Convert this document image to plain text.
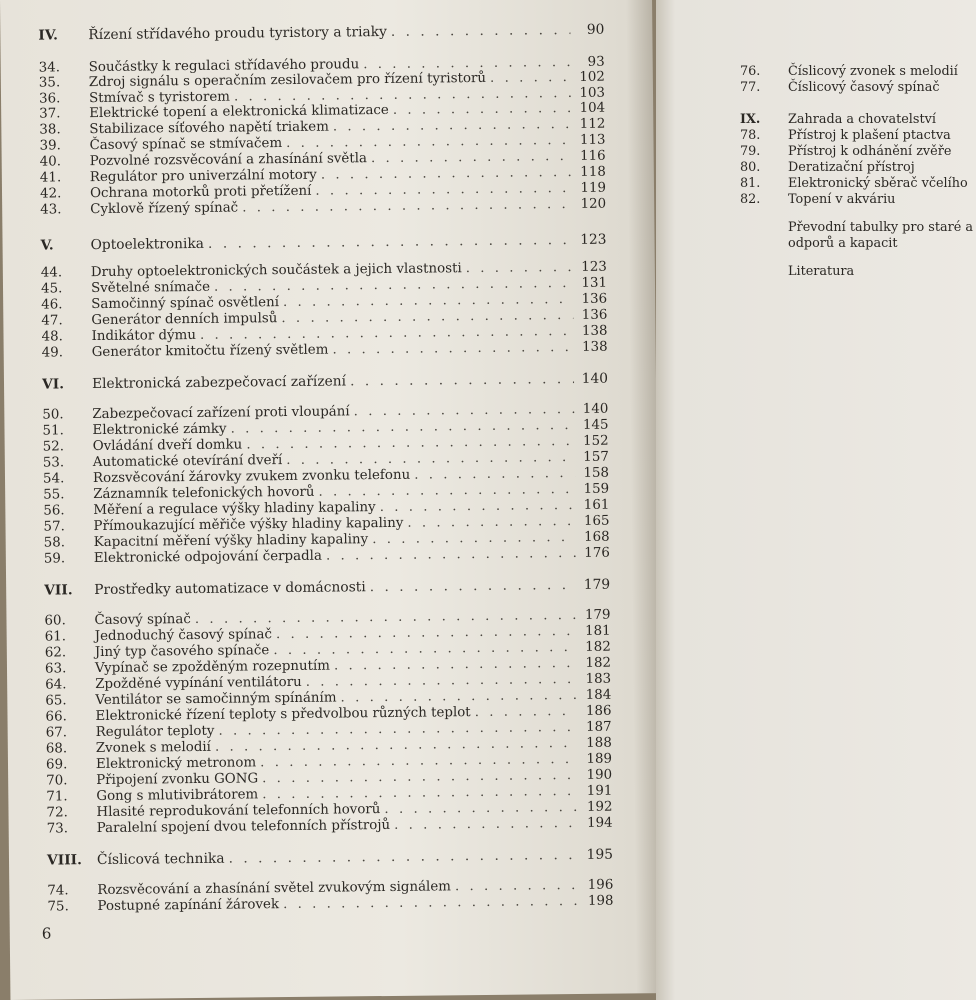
IV.	Řízení střídavého proudu tyristory a triaky . . .	90
34.	Součástky k regulaci střídavého proudu . . .	93
35.	Zdroj signálu s operačním zesilovačem pro řízení tyristorů . . .	102
36.	Stmívač s tyristorem . . .	103
37.	Elektrické topení a elektronická klimatizace . . .	104
38.	Stabilizace síťového napětí triakem . . .	112
39.	Časový spínač se stmívačem . . .	113
40.	Pozvolné rozsvěcování a zhasínání světla . . .	116
41.	Regulátor pro univerzální motory . . .	118
42.	Ochrana motorků proti přetížení . . .	119
43.	Cyklově řízený spínač . . .	120
V.	Optoelektronika . . .	123
44.	Druhy optoelektronických součástek a jejich vlastnosti . . .	123
45.	Světelné snímače . . .	131
46.	Samočinný spínač osvětlení . . .	136
47.	Generátor denních impulsů . . .	136
48.	Indikátor dýmu . . .	138
49.	Generátor kmitočtu řízený světlem . . .	138
VI.	Elektronická zabezpečovací zařízení . . .	140
50.	Zabezpečovací zařízení proti vloupání . . .	140
51.	Elektronické zámky . . .	145
52.	Ovládání dveří domku . . .	152
53.	Automatické otevírání dveří . . .	157
54.	Rozsvěcování žárovky zvukem zvonku telefonu . . .	158
55.	Záznamník telefonických hovorů . . .	159
56.	Měření a regulace výšky hladiny kapaliny . . .	161
57.	Přímoukazující měřiče výšky hladiny kapaliny . . .	165
58.	Kapacitní měření výšky hladiny kapaliny . . .	168
59.	Elektronické odpojování čerpadla . . .	176
VII.	Prostředky automatizace v domácnosti . . .	179
60.	Časový spínač . . .	179
61.	Jednoduchý časový spínač . . .	181
62.	Jiný typ časového spínače . . .	182
63.	Vypínač se zpožděným rozepnutím . . .	182
64.	Zpožděné vypínání ventilátoru . . .	183
65.	Ventilátor se samočinným spínáním . . .	184
66.	Elektronické řízení teploty s předvolbou různých teplot . . .	186
67.	Regulátor teploty . . .	187
68.	Zvonek s melodií . . .	188
69.	Elektronický metronom . . .	189
70.	Připojení zvonku GONG . . .	190
71.	Gong s mlutivibrátorem . . .	191
72.	Hlasité reprodukování telefonních hovorů . . .	192
73.	Paralelní spojení dvou telefonních přístrojů . . .	194
VIII.	Číslicová technika . . .	195
74.	Rozsvěcování a zhasínání světel zvukovým signálem . . .	196
75.	Postupné zapínání žárovek . . .	198
6
76.	Číslicový zvonek s melodií
77.	Číslicový časový spínač
IX.	Zahrada a chovatelství
78.	Přístroj k plašení ptactva
79.	Přístroj k odhánění zvěře
80.	Deratizační přístroj
81.	Elektronický sběrač včelího
82.	Topení v akváriu
Převodní tabulky pro staré a
odporů a kapacit
Literatura
